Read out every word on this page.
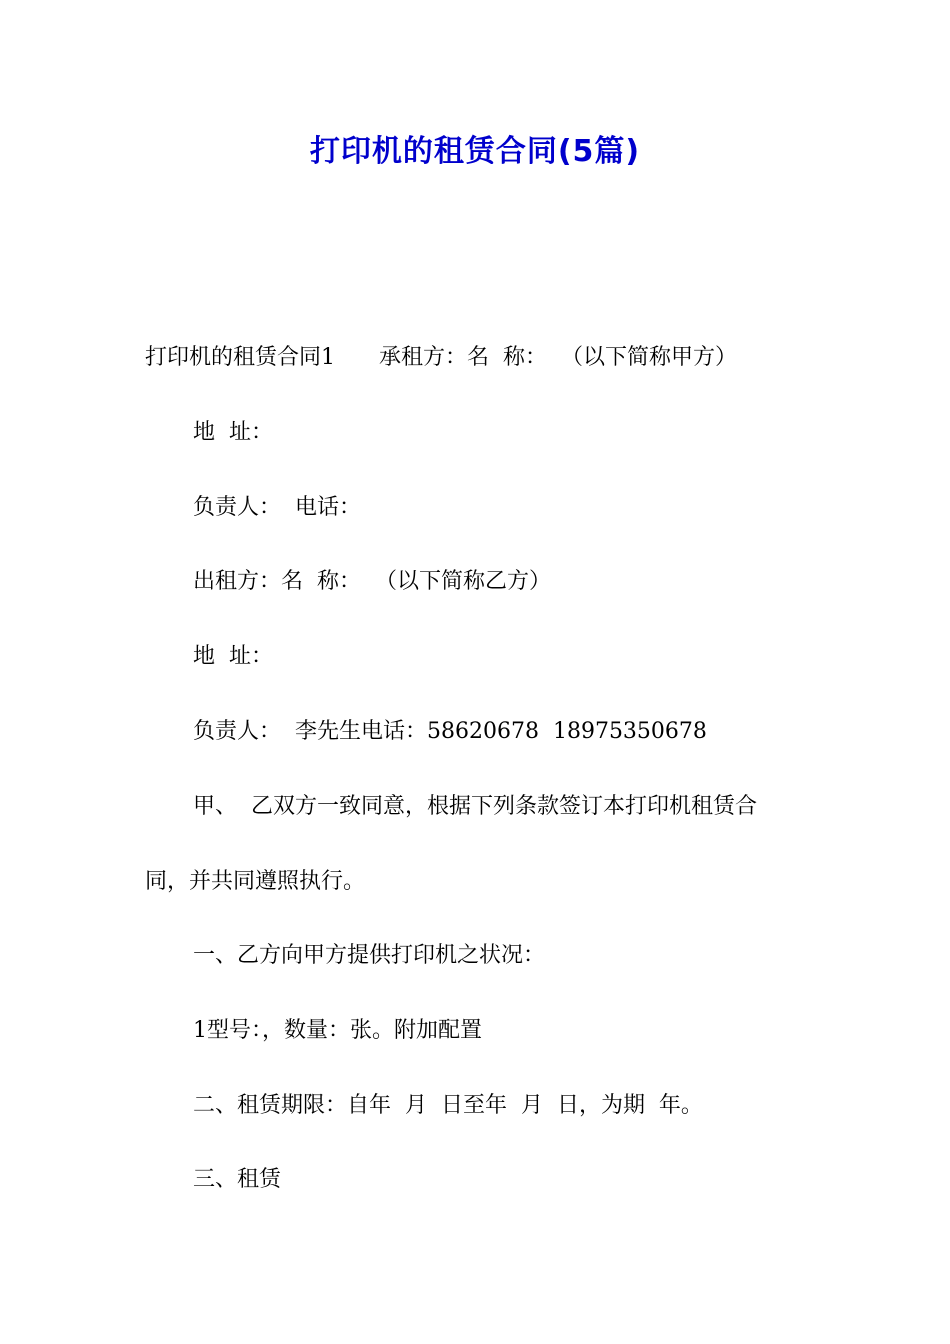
打印机的租赁合同(5篇)
打印机的租赁合同1　　承租方：名  称：  （以下简称甲方）
地  址：
负责人：  电话：
出租方：名  称：  （以下简称乙方）
地  址：
负责人：  李先生电话：58620678  18975350678
甲、  乙双方一致同意，根据下列条款签订本打印机租赁合
同，并共同遵照执行。
一、乙方向甲方提供打印机之状况：
1型号：，数量：张。附加配置
二、租赁期限：自年  月  日至年  月  日，为期  年。
三、租赁
